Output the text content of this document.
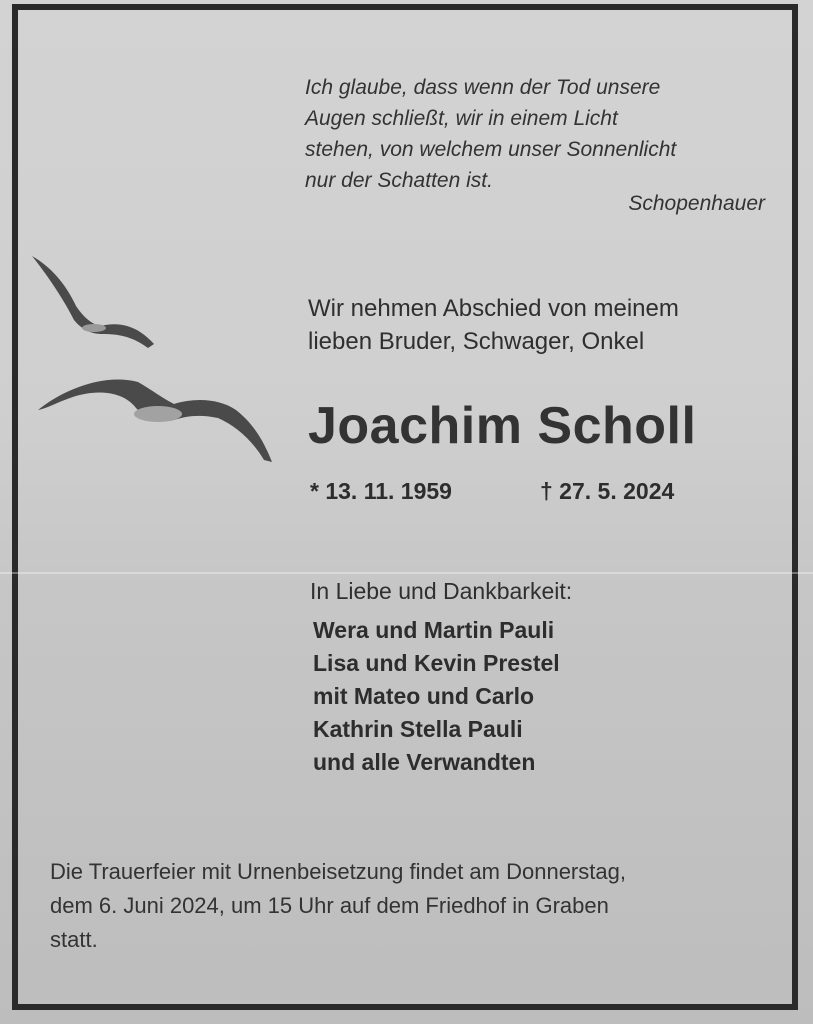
Ich glaube, dass wenn der Tod unsere
Augen schließt, wir in einem Licht
stehen, von welchem unser Sonnenlicht
nur der Schatten ist.
Schopenhauer
Wir nehmen Abschied von meinem
lieben Bruder, Schwager, Onkel
Joachim Scholl
* 13. 11. 1959	† 27. 5. 2024
In Liebe und Dankbarkeit:
Wera und Martin Pauli
Lisa und Kevin Prestel
mit Mateo und Carlo
Kathrin Stella Pauli
und alle Verwandten
Die Trauerfeier mit Urnenbeisetzung findet am Donnerstag,
dem 6. Juni 2024, um 15 Uhr auf dem Friedhof in Graben
statt.
